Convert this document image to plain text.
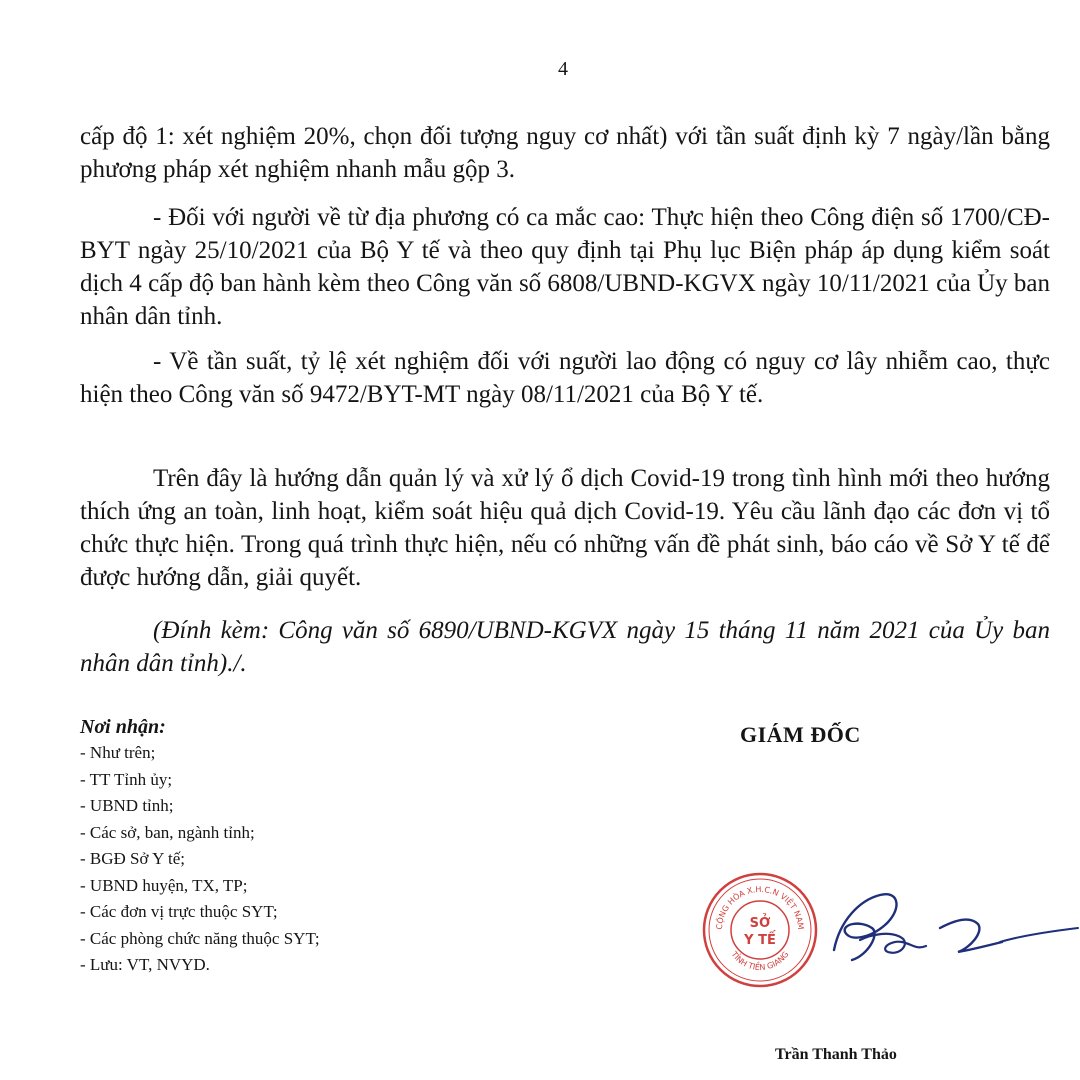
4

cấp độ 1: xét nghiệm 20%, chọn đối tượng nguy cơ nhất) với tần suất định kỳ 7 ngày/lần bằng phương pháp xét nghiệm nhanh mẫu gộp 3.

- Đối với người về từ địa phương có ca mắc cao: Thực hiện theo Công điện số 1700/CĐ-BYT ngày 25/10/2021 của Bộ Y tế và theo quy định tại Phụ lục Biện pháp áp dụng kiểm soát dịch 4 cấp độ ban hành kèm theo Công văn số 6808/UBND-KGVX ngày 10/11/2021 của Ủy ban nhân dân tỉnh.

- Về tần suất, tỷ lệ xét nghiệm đối với người lao động có nguy cơ lây nhiễm cao, thực hiện theo Công văn số 9472/BYT-MT ngày 08/11/2021 của Bộ Y tế.

Trên đây là hướng dẫn quản lý và xử lý ổ dịch Covid-19 trong tình hình mới theo hướng thích ứng an toàn, linh hoạt, kiểm soát hiệu quả dịch Covid-19. Yêu cầu lãnh đạo các đơn vị tổ chức thực hiện. Trong quá trình thực hiện, nếu có những vấn đề phát sinh, báo cáo về Sở Y tế để được hướng dẫn, giải quyết.

(Đính kèm: Công văn số 6890/UBND-KGVX ngày 15 tháng 11 năm 2021 của Ủy ban nhân dân tỉnh)./.

Nơi nhận:
- Như trên;
- TT Tỉnh ủy;
- UBND tỉnh;
- Các sở, ban, ngành tỉnh;
- BGĐ Sở Y tế;
- UBND huyện, TX, TP;
- Các đơn vị trực thuộc SYT;
- Các phòng chức năng thuộc SYT;
- Lưu: VT, NVYD.
GIÁM ĐỐC
CỘNG HÒA X.H.C.N VIỆT NAM
TỈNH TIỀN GIANG
SỞ
Y TẾ
Trần Thanh Thảo
